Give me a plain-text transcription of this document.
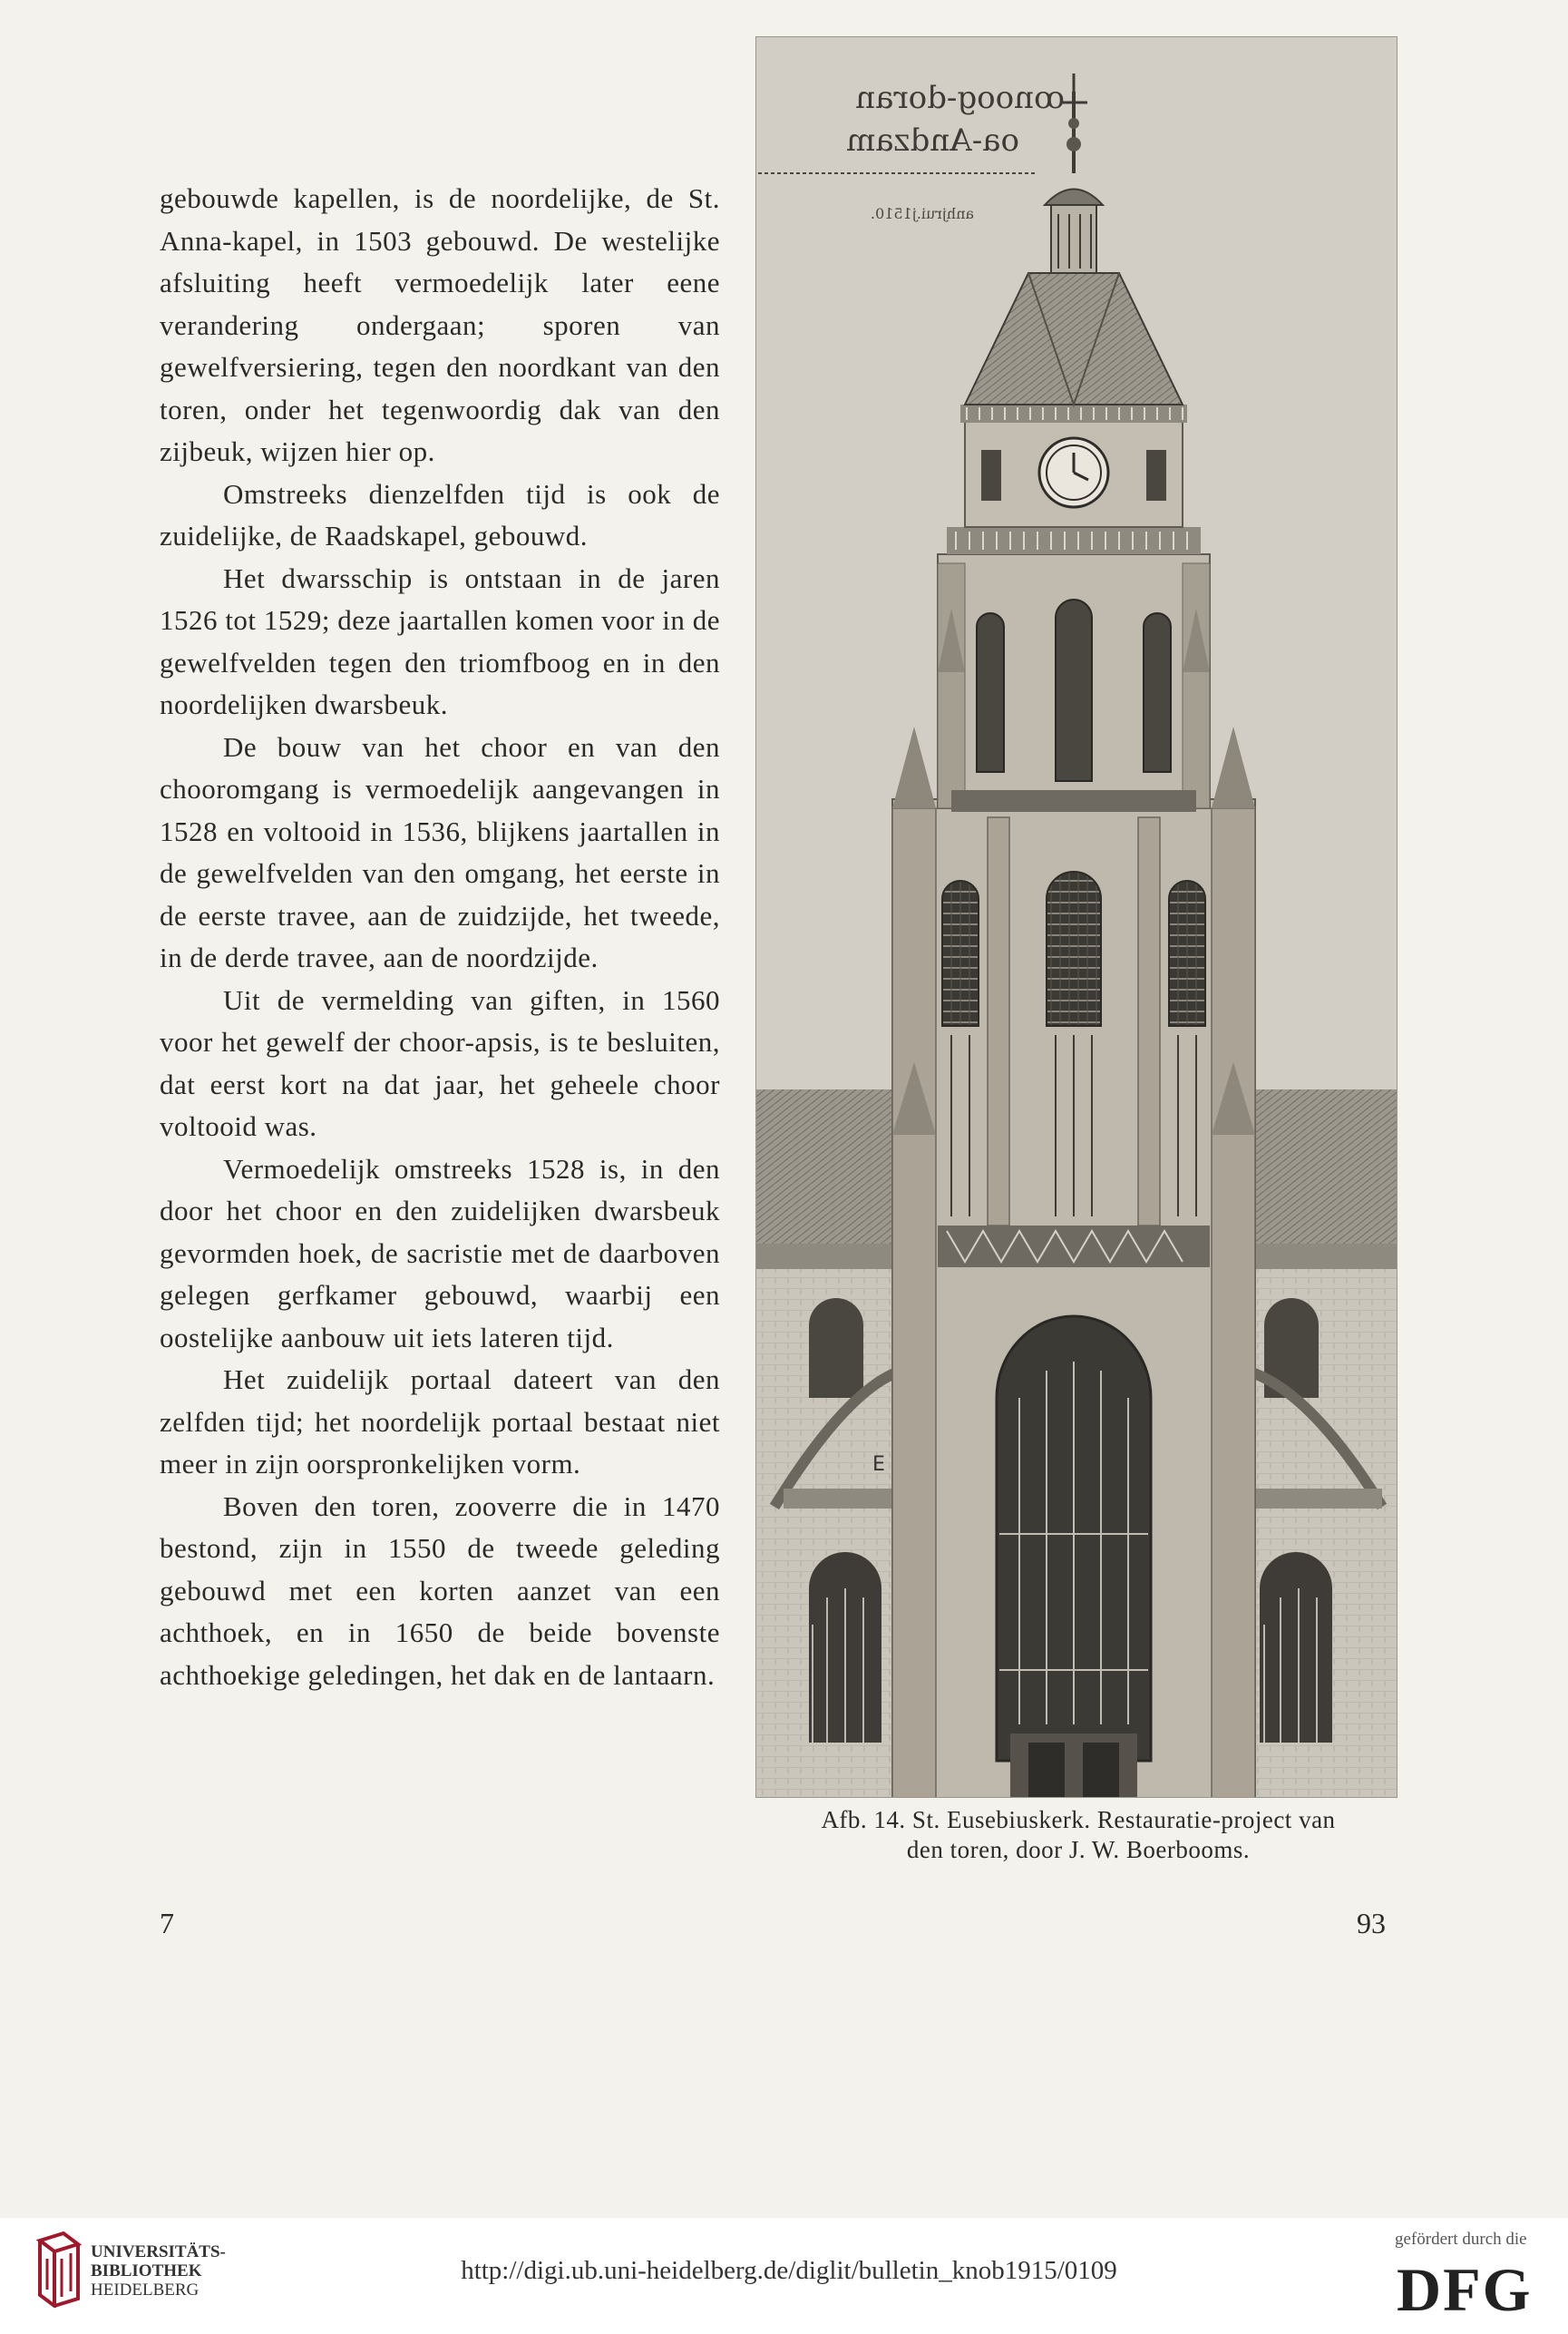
gebouwde kapellen, is de noordelijke, de St. Anna-kapel, in 1503 gebouwd. De westelijke afsluiting heeft vermoedelijk later eene verandering ondergaan; sporen van gewelfversiering, tegen den noordkant van den toren, onder het tegenwoordig dak van den zijbeuk, wijzen hier op.

Omstreeks dienzelfden tijd is ook de zuidelijke, de Raadskapel, gebouwd.

Het dwarsschip is ontstaan in de jaren 1526 tot 1529; deze jaartallen komen voor in de gewelfvelden tegen den triomfboog en in den noordelijken dwarsbeuk.

De bouw van het choor en van den chooromgang is vermoedelijk aangevangen in 1528 en voltooid in 1536, blijkens jaartallen in de gewelfvelden van den omgang, het eerste in de eerste travee, aan de zuidzijde, het tweede, in de derde travee, aan de noordzijde.

Uit de vermelding van giften, in 1560 voor het gewelf der choor-apsis, is te besluiten, dat eerst kort na dat jaar, het geheele choor voltooid was.

Vermoedelijk omstreeks 1528 is, in den door het choor en den zuidelijken dwarsbeuk gevormden hoek, de sacristie met de daarboven gelegen gerfkamer gebouwd, waarbij een oostelijke aanbouw uit iets lateren tijd.

Het zuidelijk portaal dateert van den zelfden tijd; het noordelijk portaal bestaat niet meer in zijn oorspronkelijken vorm.

Boven den toren, zooverre die in 1470 bestond, zijn in 1550 de tweede geleding gebouwd met een korten aanzet van een achthoek, en in 1650 de beide bovenste achthoekige geledingen, het dak en de lantaarn.

ꝏnoog-doran
oa-Andzam
anhjrui.j1510.
E
Afb. 14. St. Eusebiuskerk. Restauratie-project van
den toren, door J. W. Boerbooms.
7	93
UNIVERSITÄTS-
BIBLIOTHEK
HEIDELBERG
http://digi.ub.uni-heidelberg.de/diglit/bulletin_knob1915/0109
gefördert durch die
DFG
